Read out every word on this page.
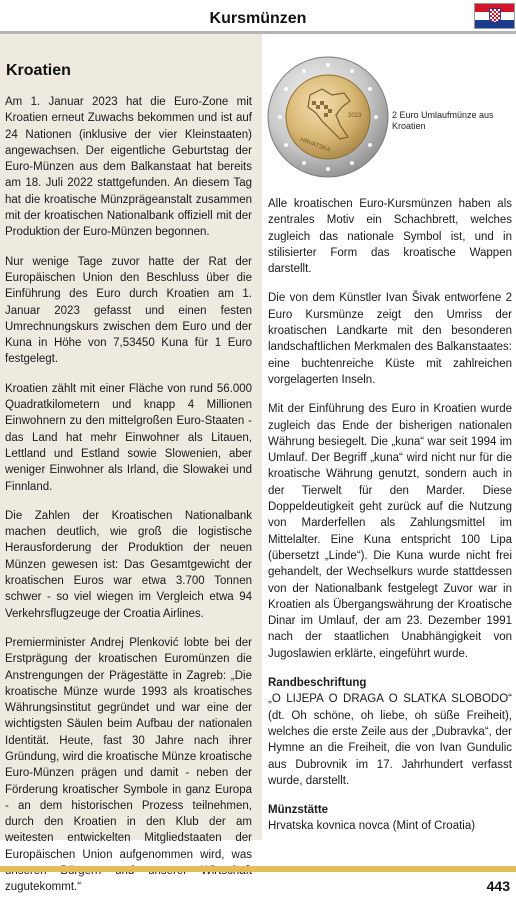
Kursmünzen
Kroatien

Am 1. Januar 2023 hat die Euro-Zone mit Kroatien erneut Zuwachs bekommen und ist auf 24 Nationen (inklusive der vier Kleinstaaten) angewachsen. Der eigentliche Geburtstag der Euro-Münzen aus dem Balkanstaat hat bereits am 18. Juli 2022 stattgefunden. An diesem Tag hat die kroatische Münzprägeanstalt zusammen mit der kroatischen Nationalbank offiziell mit der Produktion der Euro-Münzen begonnen.

Nur wenige Tage zuvor hatte der Rat der Europäischen Union den Beschluss über die Einführung des Euro durch Kroatien am 1. Januar 2023 gefasst und einen festen Umrechnungskurs zwischen dem Euro und der Kuna in Höhe von 7,53450 Kuna für 1 Euro festgelegt.

Kroatien zählt mit einer Fläche von rund 56.000 Quadratkilometern und knapp 4 Millionen Einwohnern zu den mittelgroßen Euro-Staaten - das Land hat mehr Einwohner als Litauen, Lettland und Estland sowie Slowenien, aber weniger Einwohner als Irland, die Slowakei und Finnland.

Die Zahlen der Kroatischen Nationalbank machen deutlich, wie groß die logistische Herausforderung der Produktion der neuen Münzen gewesen ist: Das Gesamtgewicht der kroatischen Euros war etwa 3.700 Tonnen schwer - so viel wiegen im Vergleich etwa 94 Verkehrsflugzeuge der Croatia Airlines.

Premierminister Andrej Plenković lobte bei der Erstprägung der kroatischen Euromünzen die Anstrengungen der Prägestätte in Zagreb: „Die kroatische Münze wurde 1993 als kroatisches Währungsinstitut gegründet und war eine der wichtigsten Säulen beim Aufbau der nationalen Identität. Heute, fast 30 Jahre nach ihrer Gründung, wird die kroatische Münze kroatische Euro-Münzen prägen und damit - neben der Förderung kroatischer Symbole in ganz Europa - an dem historischen Prozess teilnehmen, durch den Kroatien in den Klub der am weitesten entwickelten Mitgliedstaaten der Europäischen Union aufgenommen wird, was zugutekommt.“

HRVATSKA
2023	2 Euro Umlaufmünze aus Kroatien

Alle kroatischen Euro-Kursmünzen haben als zentrales Motiv ein Schachbrett, welches zugleich das nationale Symbol ist, und in stilisierter Form das kroatische Wappen darstellt.

Die von dem Künstler Ivan Šivak entworfene 2 Euro Kursmünze zeigt den Umriss der kroatischen Landkarte mit den besonderen landschaftlichen Merkmalen des Balkanstaates: eine buchtenreiche Küste mit zahlreichen vorgelagerten Inseln.

Mit der Einführung des Euro in Kroatien wurde zugleich das Ende der bisherigen nationalen Währung besiegelt. Die „kuna“ war seit 1994 im Umlauf. Der Begriff „kuna“ wird nicht nur für die kroatische Währung genutzt, sondern auch in der Tierwelt für den Marder. Diese Doppeldeutigkeit geht zurück auf die Nutzung von Marderfellen als Zahlungsmittel im Mittelalter. Eine Kuna entspricht 100 Lipa (übersetzt „Linde“). Die Kuna wurde nicht frei gehandelt, der Wechselkurs wurde stattdessen von der Nationalbank festgelegt Zuvor war in Kroatien als Übergangswährung der Kroatische Dinar im Umlauf, der am 23. Dezember 1991 nach der staatlichen Unabhängigkeit von Jugoslawien erklärte, eingeführt wurde.

Randbeschriftung

„O LIJEPA O DRAGA O SLATKA SLOBODO“ (dt. Oh schöne, oh liebe, oh süße Freiheit), welches die erste Zeile aus der „Dubravka“, der Hymne an die Freiheit, die von Ivan Gundulic aus Dubrovnik im 17. Jahrhundert verfasst wurde, darstellt.

Münzstätte

Hrvatska kovnica novca (Mint of Croatia)

443
